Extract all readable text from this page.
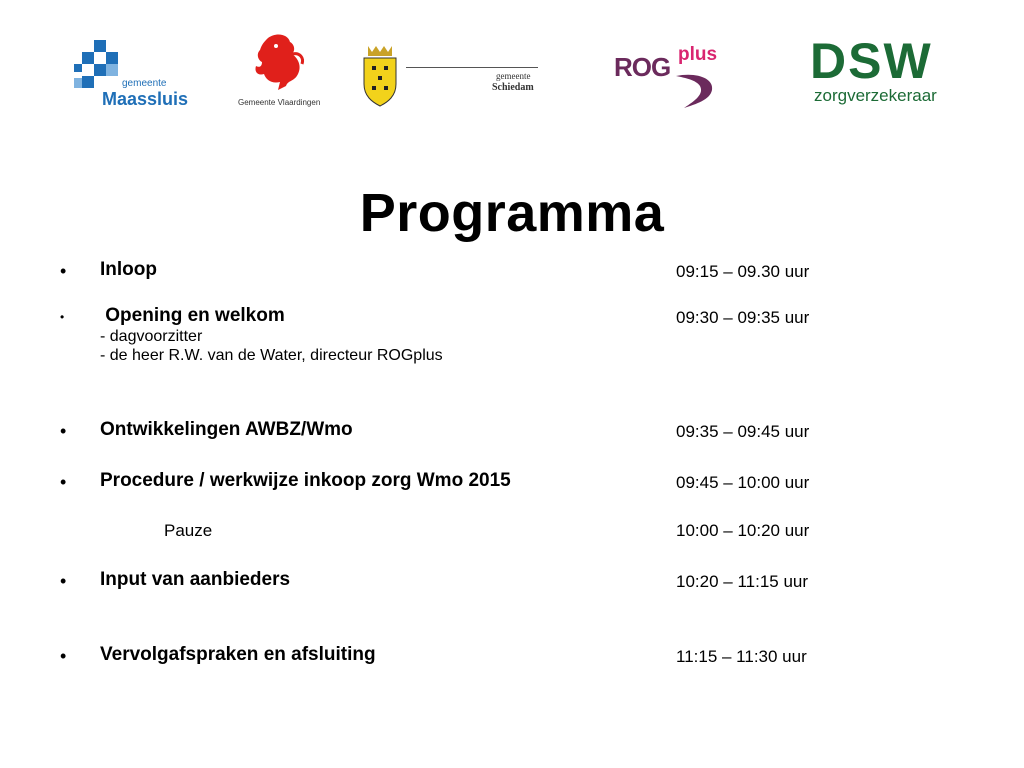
gemeente
Maassluis	Gemeente Vlaardingen
gemeente
Schiedam
ROG plus DSW
zorgverzekeraar
Programma
• Inloop	09:15 – 09.30 uur
• Opening en welkom	09:30 – 09:35 uur
- dagvoorzitter
- de heer R.W. van de Water, directeur ROGplus
• Ontwikkelingen AWBZ/Wmo	09:35 – 09:45 uur
• Procedure / werkwijze inkoop zorg Wmo 2015	09:45 – 10:00 uur
Pauze	10:00 – 10:20 uur
• Input van aanbieders	10:20 – 11:15 uur
• Vervolgafspraken en afsluiting	11:15 – 11:30 uur
